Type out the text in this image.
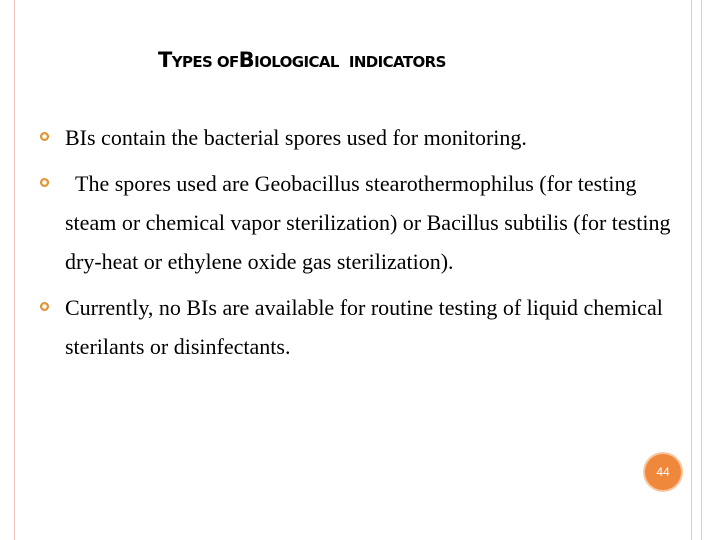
TYPES OFBIOLOGICAL INDICATORS
BIs contain the bacterial spores used for monitoring.
The spores used are Geobacillus stearothermophilus (for testing steam or chemical vapor sterilization) or Bacillus subtilis (for testing dry-heat or ethylene oxide gas sterilization).
Currently, no BIs are available for routine testing of liquid chemical sterilants or disinfectants.
44
